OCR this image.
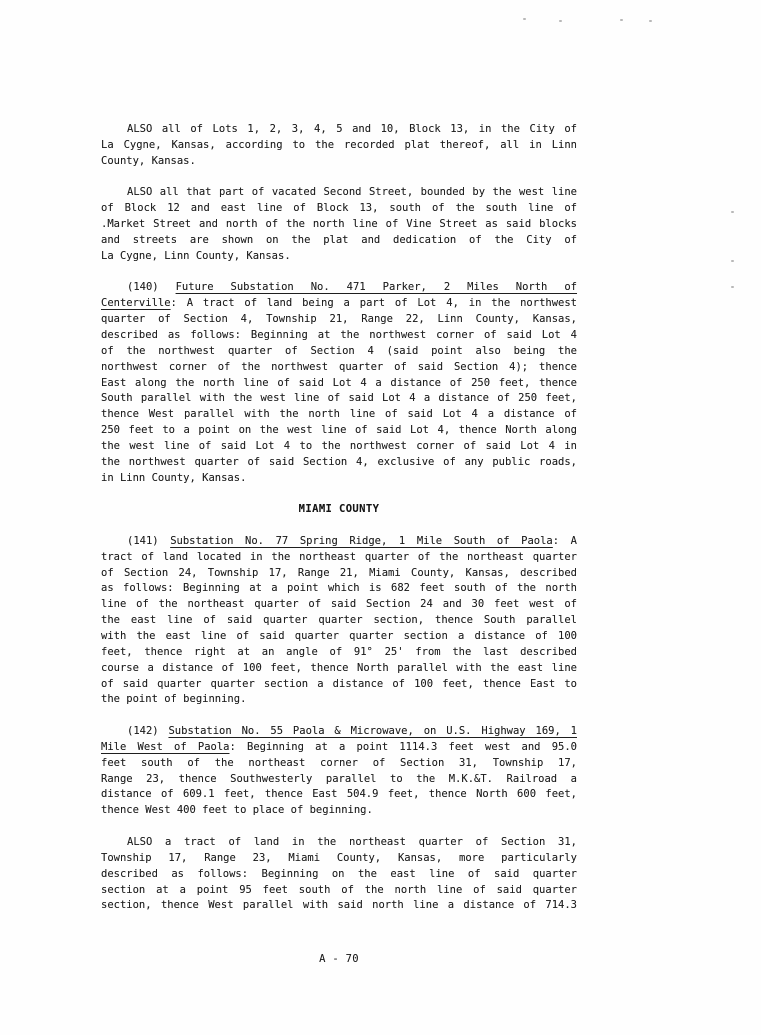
ALSO all of Lots 1, 2, 3, 4, 5 and 10, Block 13, in the City of
La Cygne, Kansas, according to the recorded plat thereof, all in Linn
County, Kansas.
ALSO all that part of vacated Second Street, bounded by the west line
of Block 12 and east line of Block 13, south of the south line of
.Market Street and north of the north line of Vine Street as said blocks
and streets are shown on the plat and dedication of the City of
La Cygne, Linn County, Kansas.
(140) Future Substation No. 471 Parker, 2 Miles North of
Centerville: A tract of land being a part of Lot 4, in the northwest
quarter of Section 4, Township 21, Range 22, Linn County, Kansas,
described as follows: Beginning at the northwest corner of said Lot 4
of the northwest quarter of Section 4 (said point also being the
northwest corner of the northwest quarter of said Section 4); thence
East along the north line of said Lot 4 a distance of 250 feet, thence
South parallel with the west line of said Lot 4 a distance of 250 feet,
thence West parallel with the north line of said Lot 4 a distance of
250 feet to a point on the west line of said Lot 4, thence North along
the west line of said Lot 4 to the northwest corner of said Lot 4 in
the northwest quarter of said Section 4, exclusive of any public roads,
in Linn County, Kansas.
MIAMI COUNTY
(141) Substation No. 77 Spring Ridge, 1 Mile South of Paola: A
tract of land located in the northeast quarter of the northeast quarter
of Section 24, Township 17, Range 21, Miami County, Kansas, described
as follows: Beginning at a point which is 682 feet south of the north
line of the northeast quarter of said Section 24 and 30 feet west of
the east line of said quarter quarter section, thence South parallel
with the east line of said quarter quarter section a distance of 100
feet, thence right at an angle of 91° 25' from the last described
course a distance of 100 feet, thence North parallel with the east line
of said quarter quarter section a distance of 100 feet, thence East to
the point of beginning.
(142) Substation No. 55 Paola & Microwave, on U.S. Highway 169, 1
Mile West of Paola: Beginning at a point 1114.3 feet west and 95.0
feet south of the northeast corner of Section 31, Township 17,
Range 23, thence Southwesterly parallel to the M.K.&T. Railroad a
distance of 609.1 feet, thence East 504.9 feet, thence North 600 feet,
thence West 400 feet to place of beginning.
ALSO a tract of land in the northeast quarter of Section 31,
Township 17, Range 23, Miami County, Kansas, more particularly
described as follows: Beginning on the east line of said quarter
section at a point 95 feet south of the north line of said quarter
section, thence West parallel with said north line a distance of 714.3
A - 70
